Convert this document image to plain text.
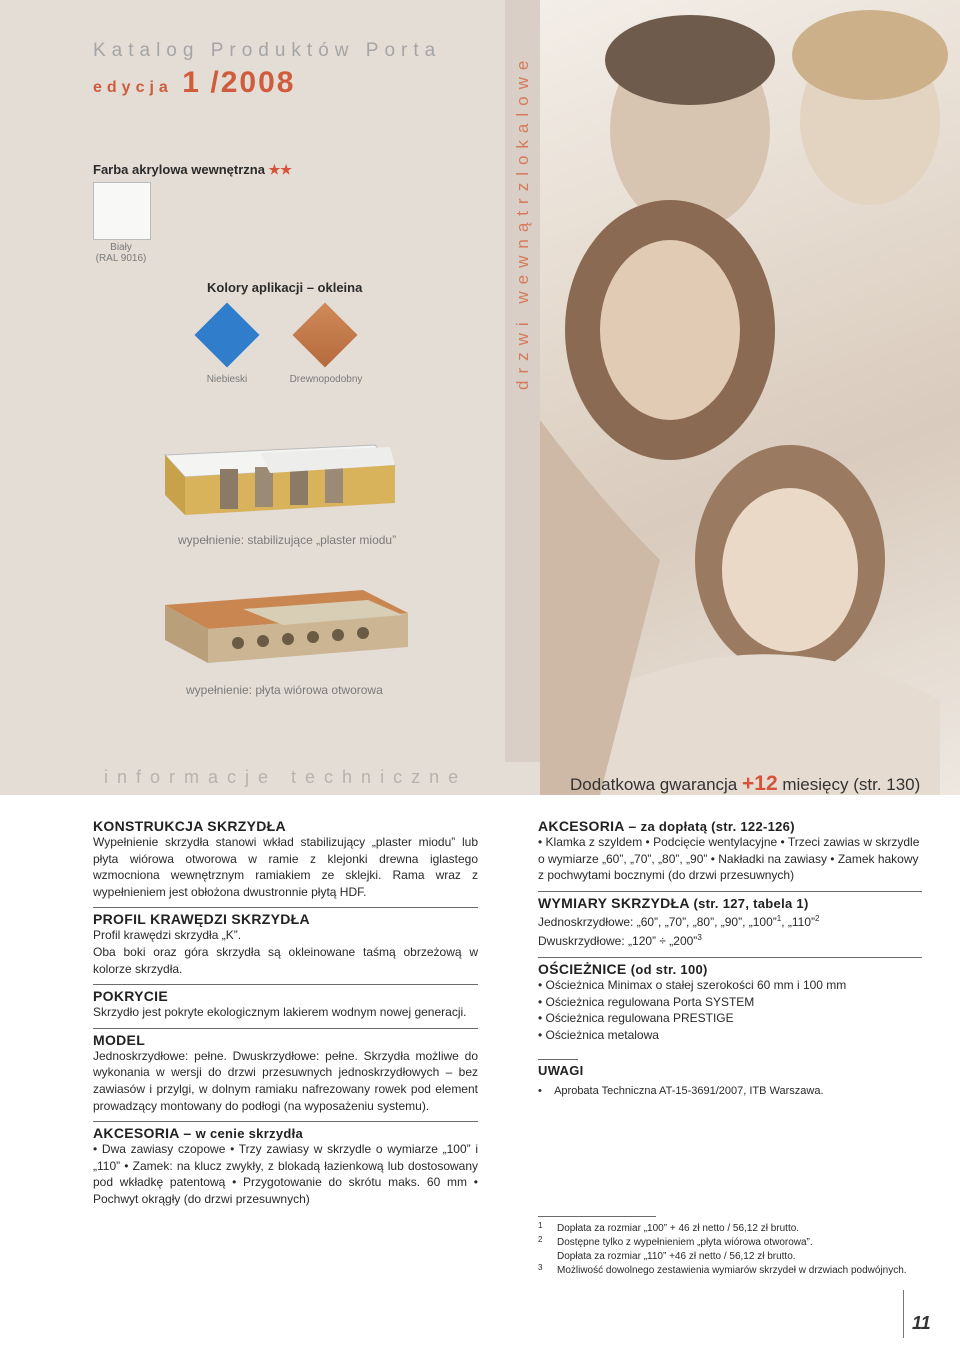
drzwi wewnątrzlokalowe
Katalog Produktów Porta
edycja 1 /2008
Farba akrylowa wewnętrzna ★★
Biały
(RAL 9016)
Kolory aplikacji – okleina
Niebieski	Drewnopodobny
wypełnienie: stabilizujące „plaster miodu”
wypełnienie: płyta wiórowa otworowa
informacje techniczne	Dodatkowa gwarancja +12 miesięcy (str. 130)
KONSTRUKCJA SKRZYDŁA
Wypełnienie skrzydła stanowi wkład stabilizujący „plaster miodu” lub płyta wiórowa otworowa w ramie z klejonki drewna iglastego wzmocniona wewnętrznym ramiakiem ze sklejki. Rama wraz z wypełnieniem jest obłożona dwustronnie płytą HDF.
PROFIL KRAWĘDZI SKRZYDŁA
Profil krawędzi skrzydła „K”.
Oba boki oraz góra skrzydła są okleinowane taśmą obrzeżową w kolorze skrzydła.
POKRYCIE
Skrzydło jest pokryte ekologicznym lakierem wodnym nowej generacji.
MODEL
Jednoskrzydłowe: pełne. Dwuskrzydłowe: pełne. Skrzydła możliwe do wykonania w wersji do drzwi przesuwnych jednoskrzydłowych – bez zawiasów i przylgi, w dolnym ramiaku nafrezowany rowek pod element prowadzący montowany do podłogi (na wyposażeniu systemu).
AKCESORIA – w cenie skrzydła
• Dwa zawiasy czopowe • Trzy zawiasy w skrzydle o wymiarze „100” i „110” • Zamek: na klucz zwykły, z blokadą łazienkową lub dostosowany pod wkładkę patentową • Przygotowanie do skrótu maks. 60 mm • Pochwyt okrągły (do drzwi przesuwnych)
AKCESORIA – za dopłatą (str. 122-126)
• Klamka z szyldem • Podcięcie wentylacyjne • Trzeci zawias w skrzydle o wymiarze „60”, „70”, „80”, „90” • Nakładki na zawiasy • Zamek hakowy z pochwytami bocznymi (do drzwi przesuwnych)
WYMIARY SKRZYDŁA (str. 127, tabela 1)
Jednoskrzydłowe: „60”, „70”, „80”, „90”, „100”$^1$, „110”$^2$
Dwuskrzydłowe: „120” ÷ „200”$^3$
OŚCIEŻNICE (od str. 100)
• Ościeżnica Minimax o stałej szerokości 60 mm i 100 mm
• Ościeżnica regulowana Porta SYSTEM
• Ościeżnica regulowana PRESTIGE
• Ościeżnica metalowa
UWAGI
•    Aprobata Techniczna AT-15-3691/2007, ITB Warszawa.
1 Dopłata za rozmiar „100” + 46 zł netto / 56,12 zł brutto.
2 Dostępne tylko z wypełnieniem „płyta wiórowa otworowa”.
Dopłata za rozmiar „110” +46 zł netto / 56,12 zł brutto.
3 Możliwość dowolnego zestawienia wymiarów skrzydeł w drzwiach podwójnych.
11
